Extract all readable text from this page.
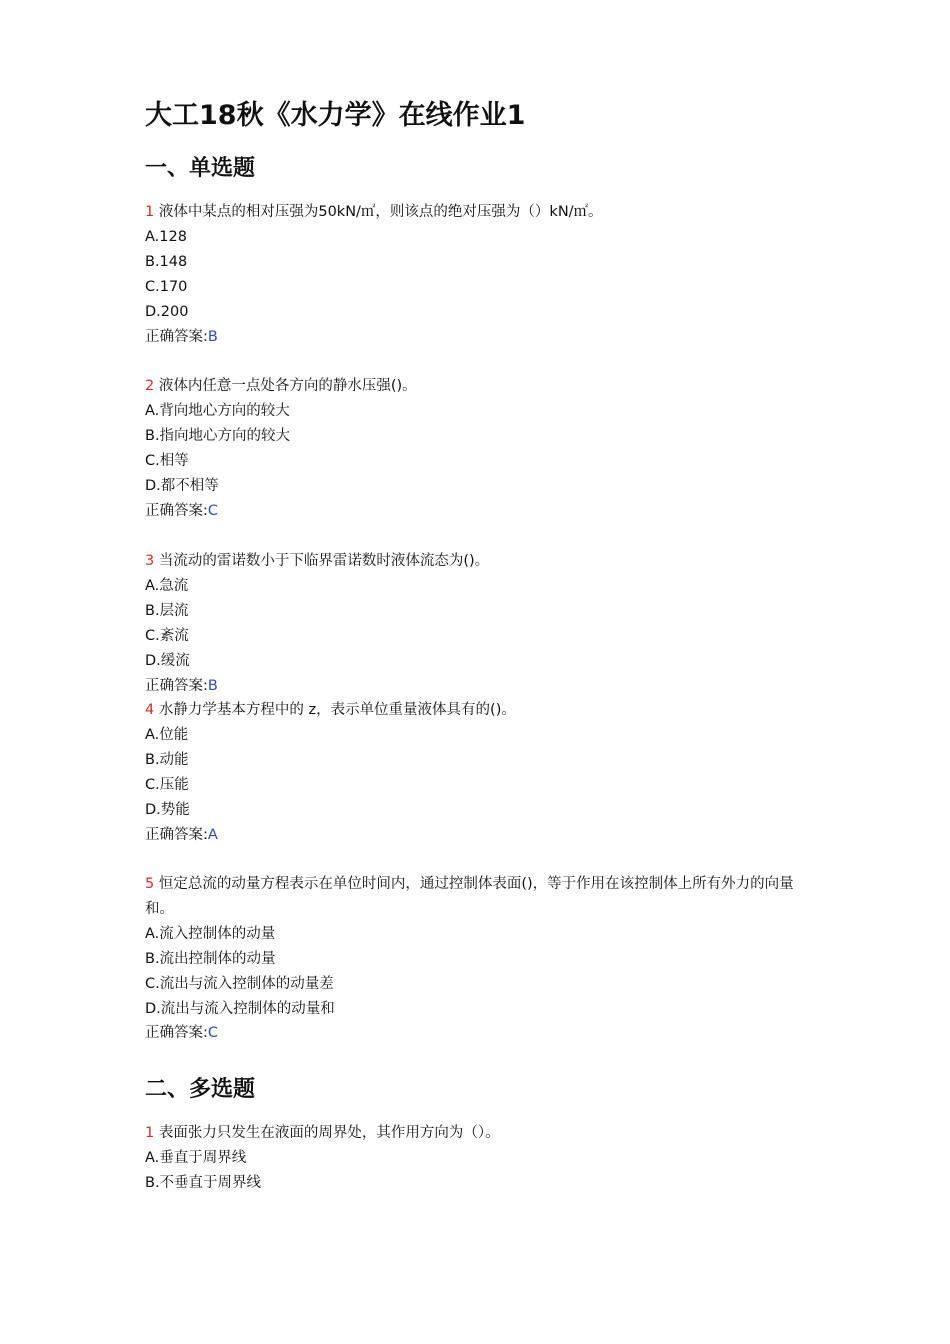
大工18秋《水力学》在线作业1
一、单选题
1 液体中某点的相对压强为50kN/㎡，则该点的绝对压强为（）kN/㎡。
A.128
B.148
C.170
D.200
正确答案:B
2 液体内任意一点处各方向的静水压强()。
A.背向地心方向的较大
B.指向地心方向的较大
C.相等
D.都不相等
正确答案:C
3 当流动的雷诺数小于下临界雷诺数时液体流态为()。
A.急流
B.层流
C.紊流
D.缓流
正确答案:B
4 水静力学基本方程中的 z，表示单位重量液体具有的()。
A.位能
B.动能
C.压能
D.势能
正确答案:A
5 恒定总流的动量方程表示在单位时间内，通过控制体表面()，等于作用在该控制体上所有外力的向量和。
A.流入控制体的动量
B.流出控制体的动量
C.流出与流入控制体的动量差
D.流出与流入控制体的动量和
正确答案:C
二、多选题
1 表面张力只发生在液面的周界处，其作用方向为（）。
A.垂直于周界线
B.不垂直于周界线
